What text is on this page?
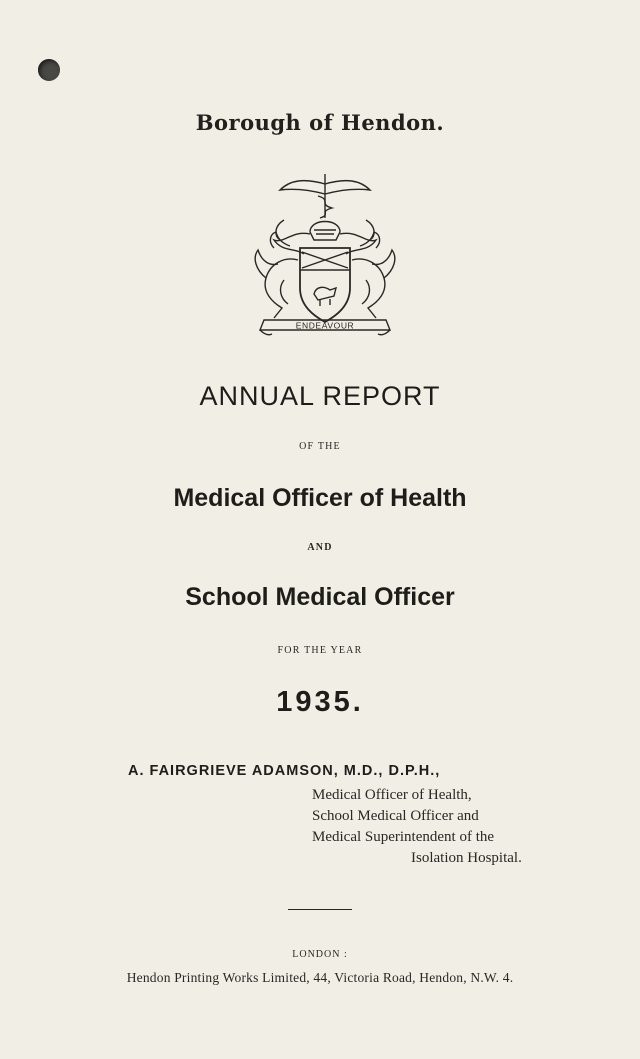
Borough of Hendon.
ENDEAVOUR
ANNUAL REPORT
OF THE
Medical Officer of Health
AND
School Medical Officer
FOR THE YEAR
1935.
A. FAIRGRIEVE ADAMSON, M.D., D.P.H.,
Medical Officer of Health,
School Medical Officer and
Medical Superintendent of the
Isolation Hospital.
LONDON :
Hendon Printing Works Limited, 44, Victoria Road, Hendon, N.W. 4.
